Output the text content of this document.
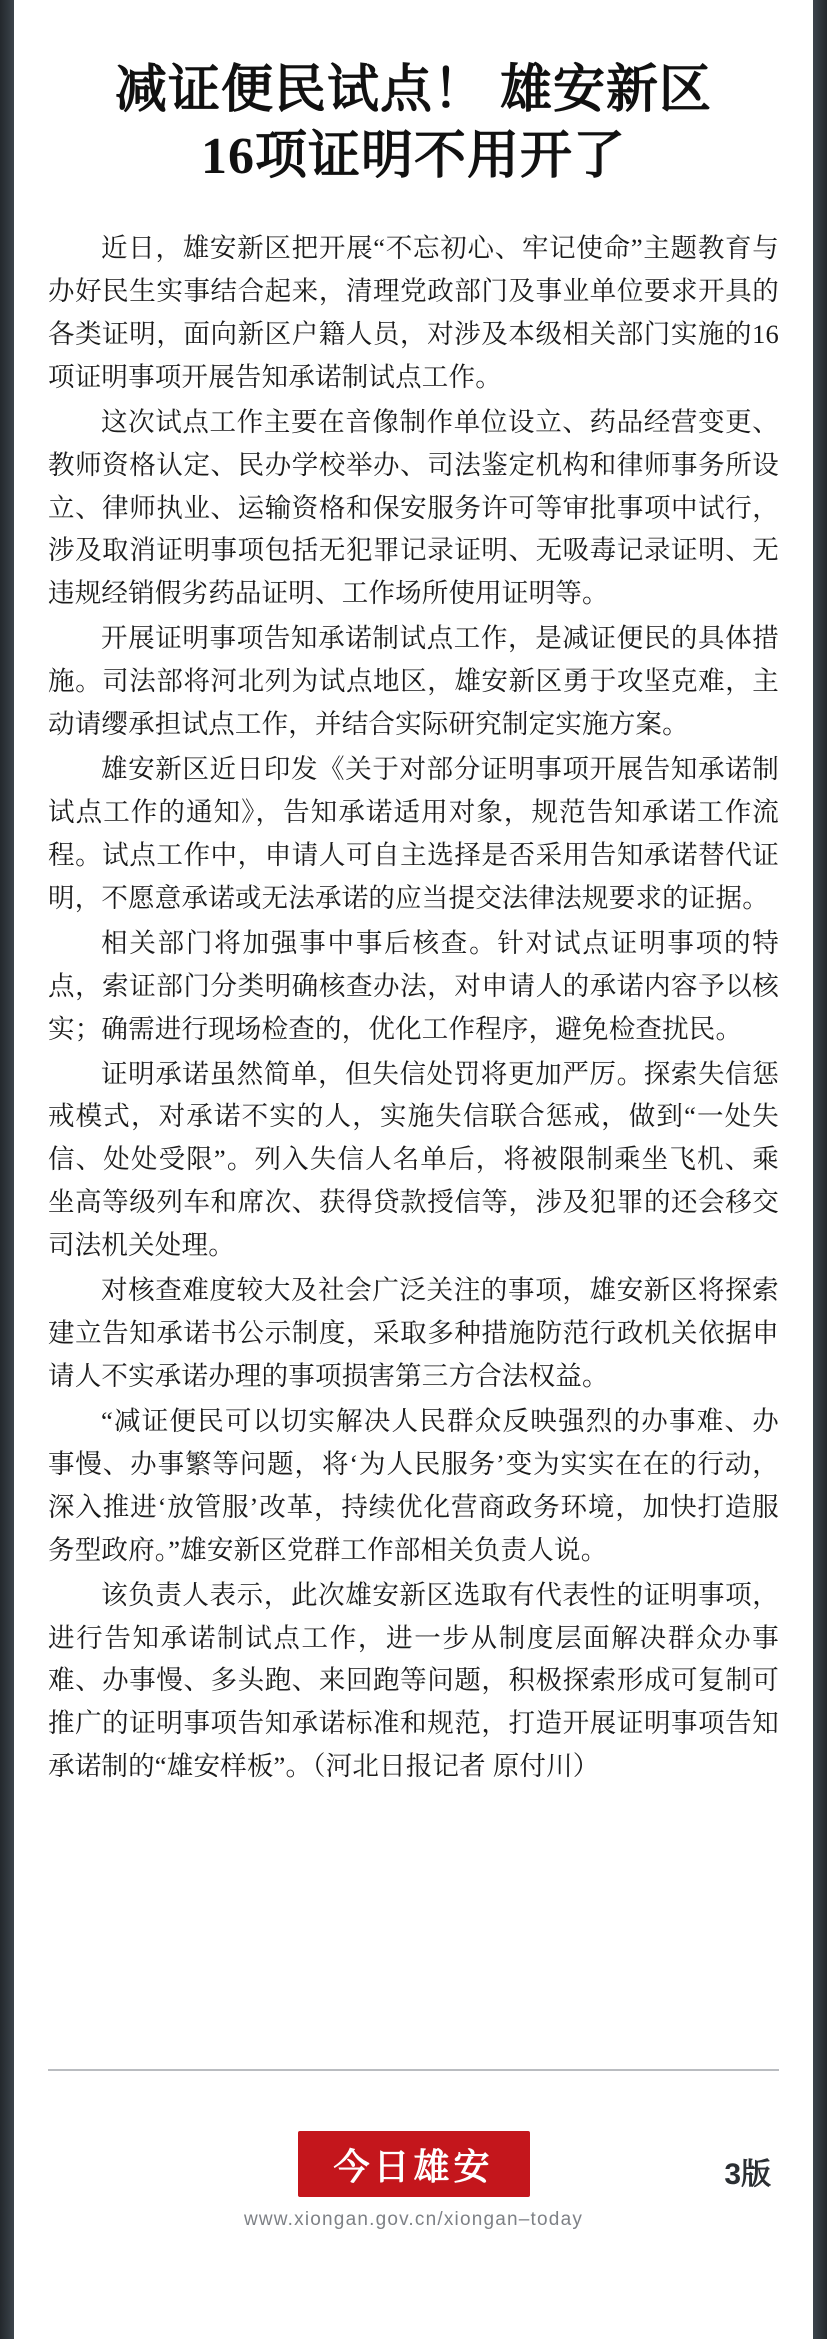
减证便民试点！ 雄安新区
16项证明不用开了

近日，雄安新区把开展“不忘初心、牢记使命”主题教育与办好民生实事结合起来，清理党政部门及事业单位要求开具的各类证明，面向新区户籍人员，对涉及本级相关部门实施的16项证明事项开展告知承诺制试点工作。

这次试点工作主要在音像制作单位设立、药品经营变更、教师资格认定、民办学校举办、司法鉴定机构和律师事务所设立、律师执业、运输资格和保安服务许可等审批事项中试行，涉及取消证明事项包括无犯罪记录证明、无吸毒记录证明、无违规经销假劣药品证明、工作场所使用证明等。

开展证明事项告知承诺制试点工作，是减证便民的具体措施。司法部将河北列为试点地区，雄安新区勇于攻坚克难，主动请缨承担试点工作，并结合实际研究制定实施方案。

雄安新区近日印发《关于对部分证明事项开展告知承诺制试点工作的通知》，告知承诺适用对象，规范告知承诺工作流程。试点工作中，申请人可自主选择是否采用告知承诺替代证明，不愿意承诺或无法承诺的应当提交法律法规要求的证据。

相关部门将加强事中事后核查。针对试点证明事项的特点，索证部门分类明确核查办法，对申请人的承诺内容予以核实；确需进行现场检查的，优化工作程序，避免检查扰民。

证明承诺虽然简单，但失信处罚将更加严厉。探索失信惩戒模式，对承诺不实的人，实施失信联合惩戒，做到“一处失信、处处受限”。列入失信人名单后，将被限制乘坐飞机、乘坐高等级列车和席次、获得贷款授信等，涉及犯罪的还会移交司法机关处理。

对核查难度较大及社会广泛关注的事项，雄安新区将探索建立告知承诺书公示制度，采取多种措施防范行政机关依据申请人不实承诺办理的事项损害第三方合法权益。

“减证便民可以切实解决人民群众反映强烈的办事难、办事慢、办事繁等问题，将‘为人民服务’变为实实在在的行动，深入推进‘放管服’改革，持续优化营商政务环境，加快打造服务型政府。”雄安新区党群工作部相关负责人说。

该负责人表示，此次雄安新区选取有代表性的证明事项，进行告知承诺制试点工作，进一步从制度层面解决群众办事难、办事慢、多头跑、来回跑等问题，积极探索形成可复制可推广的证明事项告知承诺标准和规范，打造开展证明事项告知承诺制的“雄安样板”。（河北日报记者 原付川）

今日雄安
www.xiongan.gov.cn/xiongan–today
3版
